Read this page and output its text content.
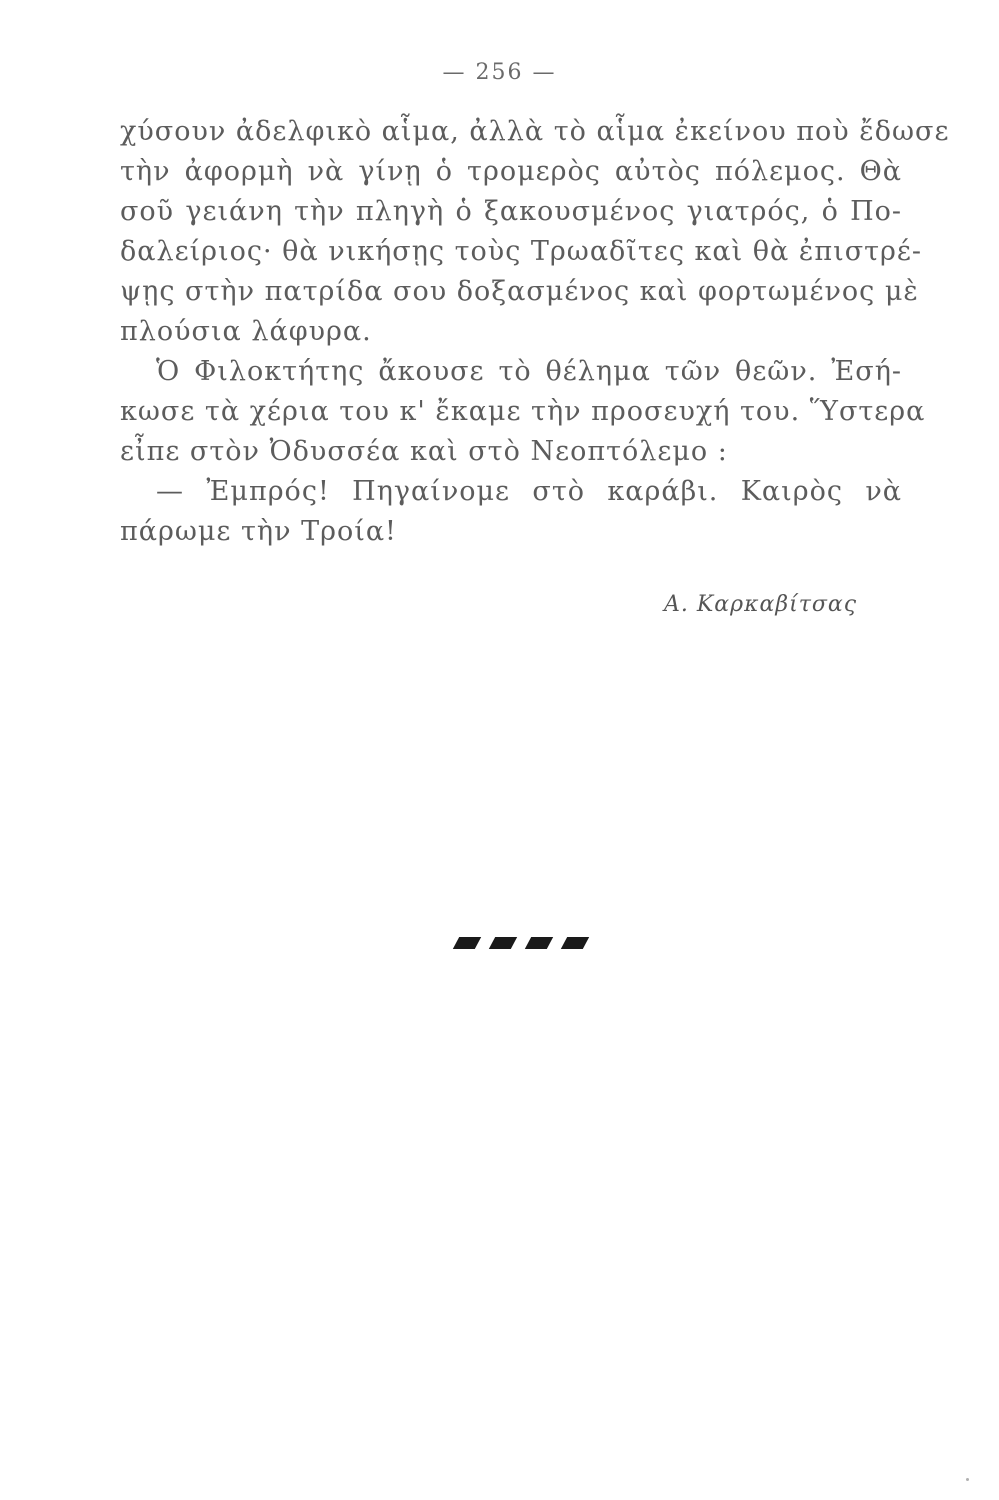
— 256 —
χύσουν ἀδελφικὸ αἷμα, ἀλλὰ τὸ αἷμα ἐκείνου ποὺ ἔδωσε
τὴν ἀφορμὴ νὰ γίνῃ ὁ τρομερὸς αὐτὸς πόλεμος. Θὰ
σοῦ γειάνη τὴν πληγὴ ὁ ξακουσμένος γιατρός, ὁ Πο-
δαλείριος· θὰ νικήσῃς τοὺς Τρωαδῖτες καὶ θὰ ἐπιστρέ-
ψῃς στὴν πατρίδα σου δοξασμένος καὶ φορτωμένος μὲ
πλούσια λάφυρα.
Ὁ Φιλοκτήτης ἄκουσε τὸ θέλημα τῶν θεῶν. Ἐσή-
κωσε τὰ χέρια του κ' ἔκαμε τὴν προσευχή του. Ὕστερα
εἶπε στὸν Ὀδυσσέα καὶ στὸ Νεοπτόλεμο :
— Ἐμπρός! Πηγαίνομε στὸ καράβι. Καιρὸς νὰ
πάρωμε τὴν Τροία!
Α. Καρκαβίτσας
